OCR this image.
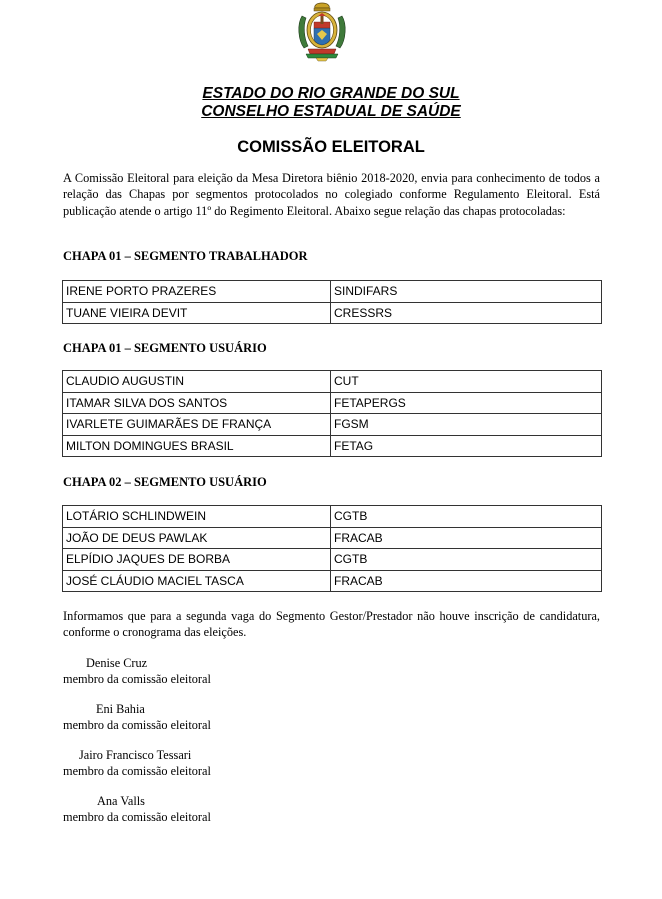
ESTADO DO RIO GRANDE DO SUL
CONSELHO ESTADUAL DE SAÚDE
COMISSÃO ELEITORAL
A Comissão Eleitoral para eleição da Mesa Diretora biênio 2018-2020, envia para conhecimento de todos a relação das Chapas por segmentos protocolados no colegiado conforme Regulamento Eleitoral. Está publicação atende o artigo 11º do Regimento Eleitoral. Abaixo segue relação das chapas protocoladas:
CHAPA 01 – SEGMENTO TRABALHADOR
IRENE PORTO PRAZERES	SINDIFARS
TUANE VIEIRA DEVIT	CRESSRS
CHAPA 01 – SEGMENTO USUÁRIO
CLAUDIO AUGUSTIN	CUT
ITAMAR SILVA DOS SANTOS	FETAPERGS
IVARLETE GUIMARÃES DE FRANÇA	FGSM
MILTON DOMINGUES BRASIL	FETAG
CHAPA 02 – SEGMENTO USUÁRIO
LOTÁRIO SCHLINDWEIN	CGTB
JOÃO DE DEUS PAWLAK	FRACAB
ELPÍDIO JAQUES DE BORBA	CGTB
JOSÉ CLÁUDIO MACIEL TASCA	FRACAB
Informamos que para a segunda vaga do Segmento Gestor/Prestador não houve inscrição de candidatura, conforme o cronograma das eleições.
Denise Cruz
membro da comissão eleitoral
Eni Bahia
membro da comissão eleitoral
Jairo Francisco Tessari
membro da comissão eleitoral
Ana Valls
membro da comissão eleitoral
